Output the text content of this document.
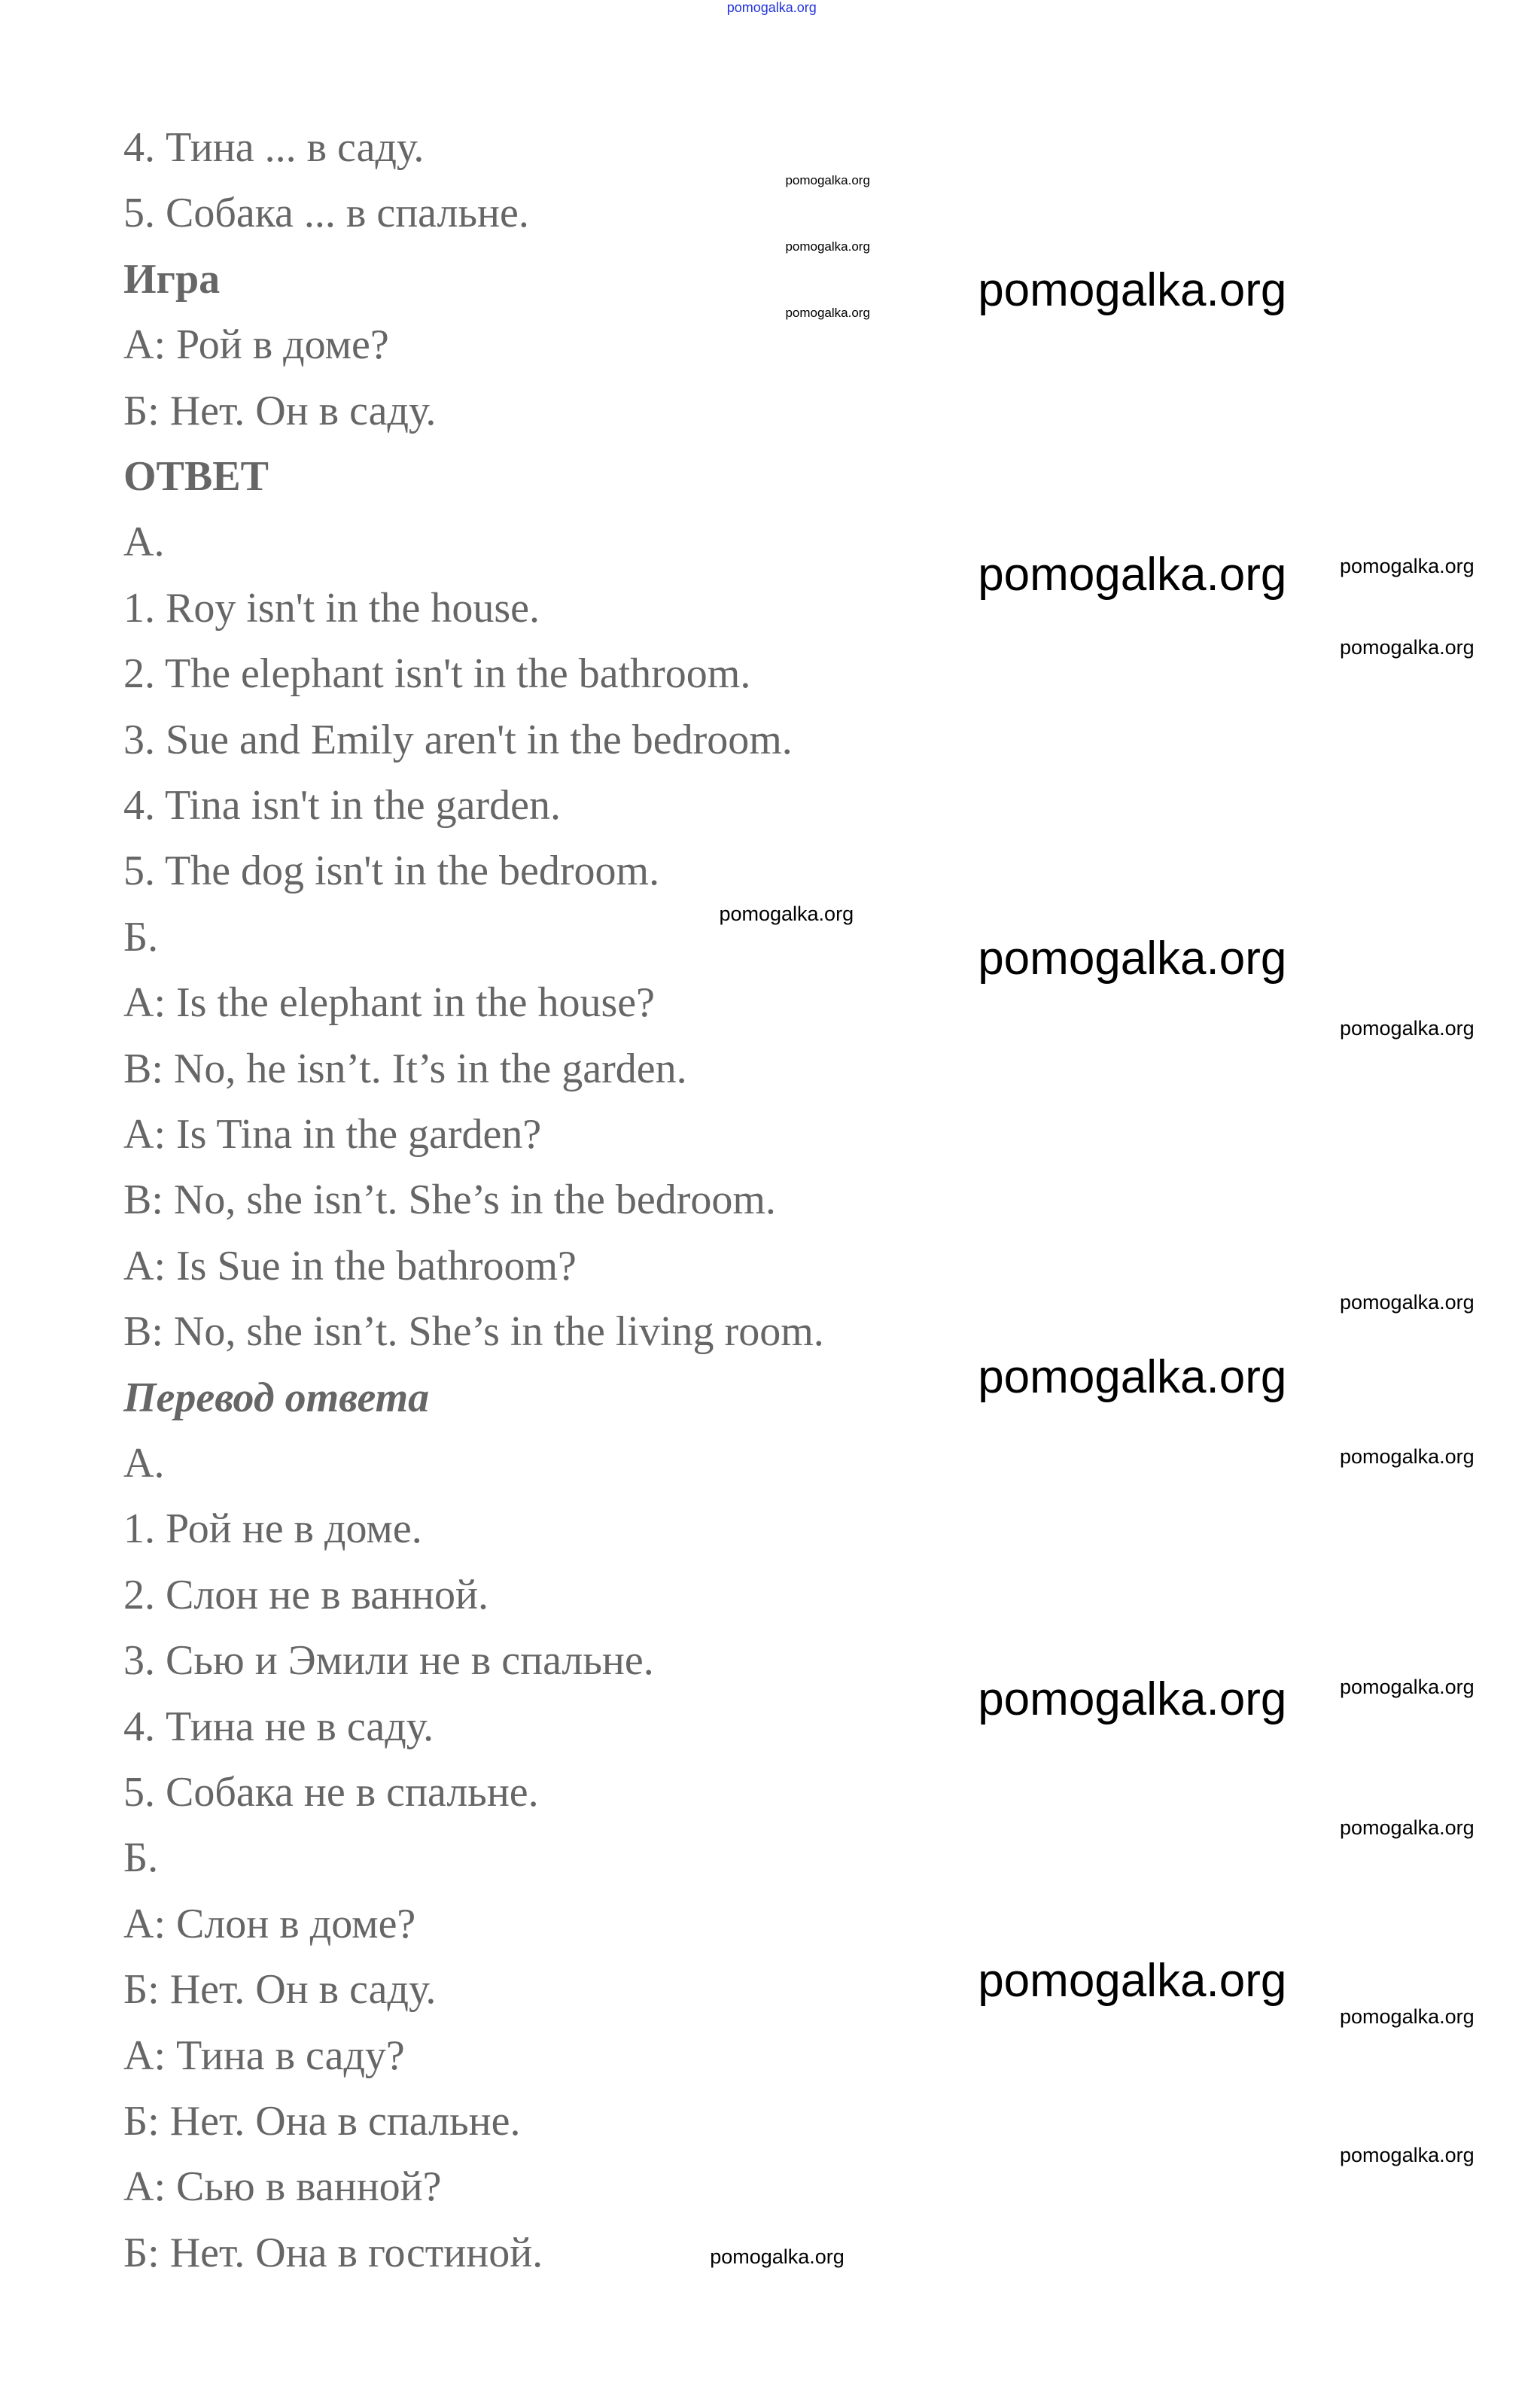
4. Тина ... в саду.
5. Собака ... в спальне.
Игра
А: Рой в доме?
Б: Нет. Он в саду.
ОТВЕТ
А.
1. Roy isn't in the house.
2. The elephant isn't in the bathroom.
3. Sue and Emily aren't in the bedroom.
4. Tina isn't in the garden.
5. The dog isn't in the bedroom.
Б.
A: Is the elephant in the house?
B: No, he isn’t. It’s in the garden.
A: Is Tina in the garden?
B: No, she isn’t. She’s in the bedroom.
A: Is Sue in the bathroom?
B: No, she isn’t. She’s in the living room.
Перевод ответа
А.
1. Рой не в доме.
2. Слон не в ванной.
3. Сью и Эмили не в спальне.
4. Тина не в саду.
5. Собака не в спальне.
Б.
А: Слон в доме?
Б: Нет. Он в саду.
А: Тина в саду?
Б: Нет. Она в спальне.
А: Сью в ванной?
Б: Нет. Она в гостиной.
pomogalka.org
pomogalka.org
pomogalka.org
pomogalka.org pomogalka.org
pomogalka.org
pomogalka.org
pomogalka.org
pomogalka.org
pomogalka.org
pomogalka.org
pomogalka.org
pomogalka.org
pomogalka.org
pomogalka.org
pomogalka.org
pomogalka.org
pomogalka.org
pomogalka.org
pomogalka.org
pomogalka.org
